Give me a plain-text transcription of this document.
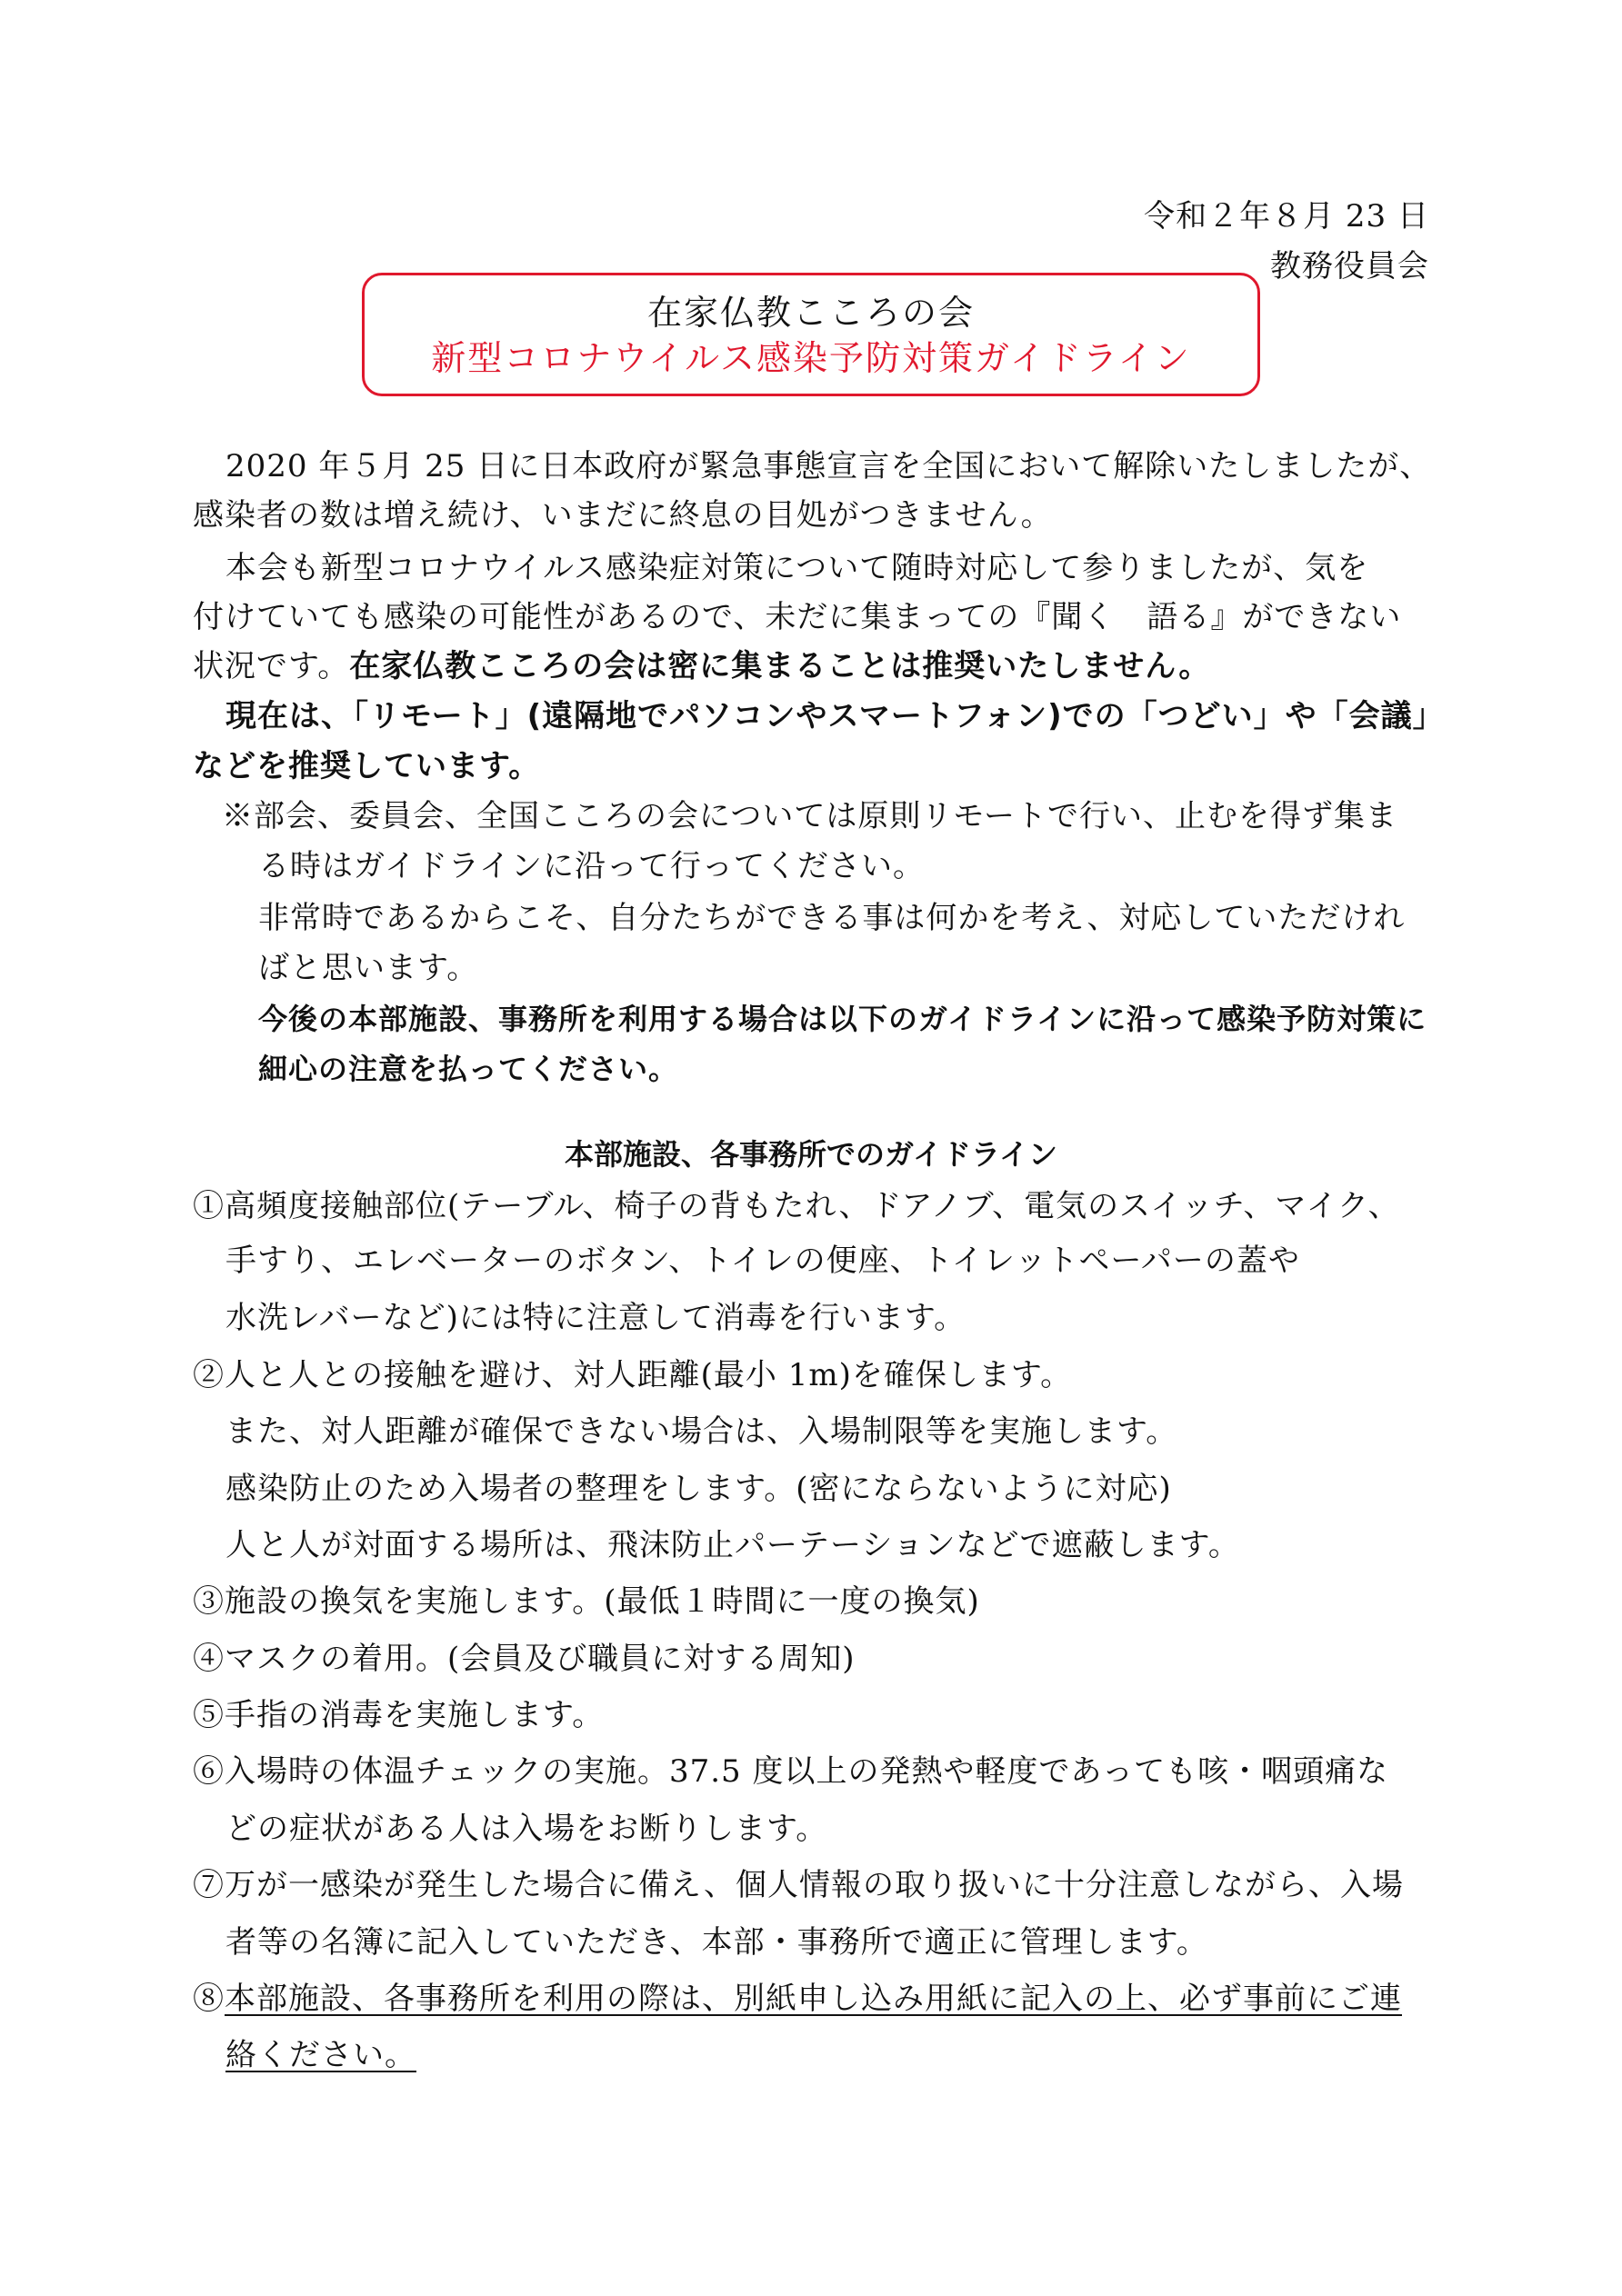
令和２年８月 23 日
教務役員会
在家仏教こころの会
新型コロナウイルス感染予防対策ガイドライン
2020 年５月 25 日に日本政府が緊急事態宣言を全国において解除いたしましたが、
感染者の数は増え続け、いまだに終息の目処がつきません。
本会も新型コロナウイルス感染症対策について随時対応して参りましたが、気を
付けていても感染の可能性があるので、未だに集まっての『聞く　語る』ができない
状況です。在家仏教こころの会は密に集まることは推奨いたしません。
現在は、「リモート」(遠隔地でパソコンやスマートフォン)での「つどい」や「会議」
などを推奨しています。
※部会、委員会、全国こころの会については原則リモートで行い、止むを得ず集ま
る時はガイドラインに沿って行ってください。
非常時であるからこそ、自分たちができる事は何かを考え、対応していただけれ
ばと思います。
今後の本部施設、事務所を利用する場合は以下のガイドラインに沿って感染予防対策に
細心の注意を払ってください。
本部施設、各事務所でのガイドライン
①高頻度接触部位(テーブル、椅子の背もたれ、ドアノブ、電気のスイッチ、マイク、
手すり、エレベーターのボタン、トイレの便座、トイレットペーパーの蓋や
水洗レバーなど)には特に注意して消毒を行います。
②人と人との接触を避け、対人距離(最小 1m)を確保します。
また、対人距離が確保できない場合は、入場制限等を実施します。
感染防止のため入場者の整理をします。(密にならないように対応)
人と人が対面する場所は、飛沫防止パーテーションなどで遮蔽します。
③施設の換気を実施します。(最低１時間に一度の換気)
④マスクの着用。(会員及び職員に対する周知)
⑤手指の消毒を実施します。
⑥入場時の体温チェックの実施。37.5 度以上の発熱や軽度であっても咳・咽頭痛な
どの症状がある人は入場をお断りします。
⑦万が一感染が発生した場合に備え、個人情報の取り扱いに十分注意しながら、入場
者等の名簿に記入していただき、本部・事務所で適正に管理します。
⑧本部施設、各事務所を利用の際は、別紙申し込み用紙に記入の上、必ず事前にご連
絡ください。
